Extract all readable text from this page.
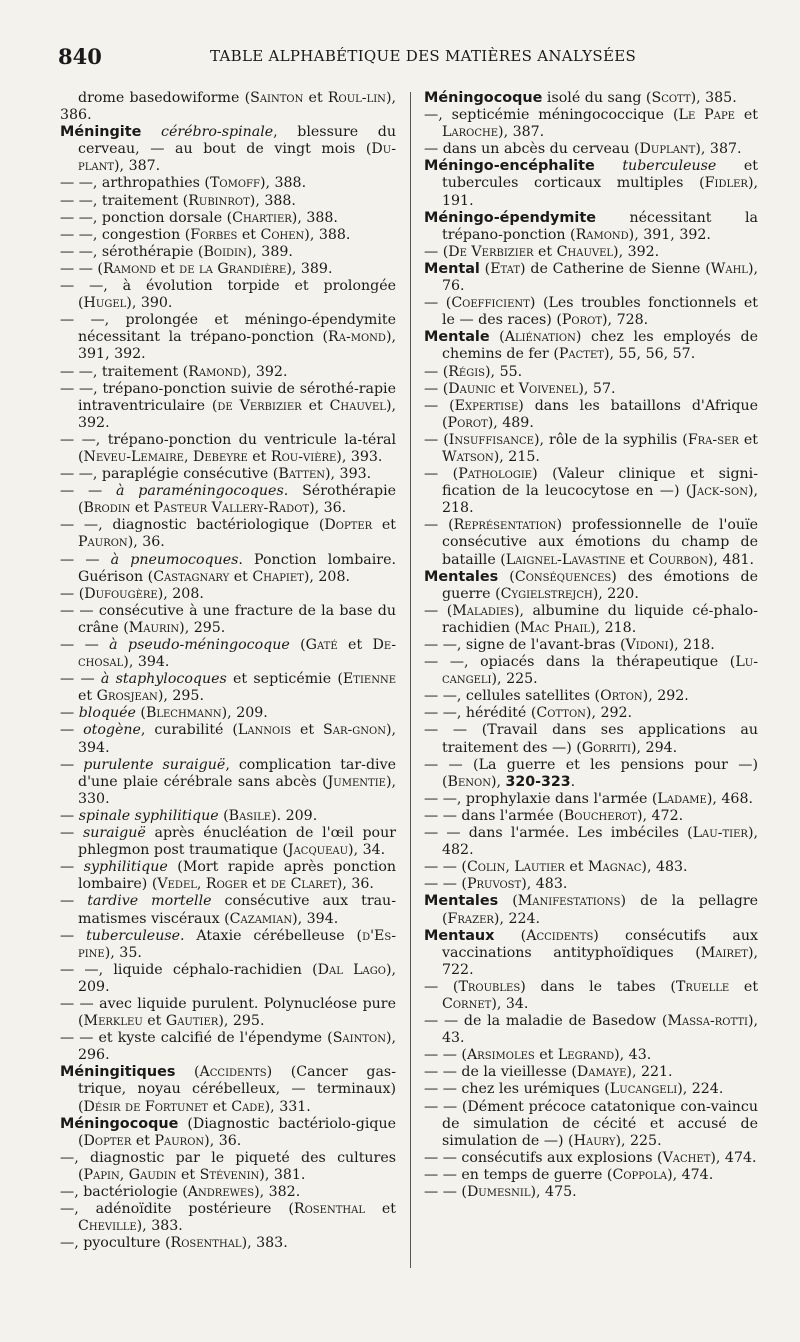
840	TABLE ALPHABÉTIQUE DES MATIÈRES ANALYSÉES

drome basedowiforme (Sainton et Roul-lin), 386.

Méningite cérébro-spinale, blessure du cerveau, — au bout de vingt mois (Du-plant), 387.

— —, arthropathies (Tomoff), 388.

— —, traitement (Rubinrot), 388.

— —, ponction dorsale (Chartier), 388.

— —, congestion (Forbes et Cohen), 388.

— —, sérothérapie (Boidin), 389.

— — (Ramond et de la Grandière), 389.

— —, à évolution torpide et prolongée (Hugel), 390.

— —, prolongée et méningo-épendymite nécessitant la trépano-ponction (Ra-mond), 391, 392.

— —, traitement (Ramond), 392.

— —, trépano-ponction suivie de sérothé-rapie intraventriculaire (de Verbizier et Chauvel), 392.

— —, trépano-ponction du ventricule la-téral (Neveu-Lemaire, Debeyre et Rou-vière), 393.

— —, paraplégie consécutive (Batten), 393.

— — à paraméningocoques. Sérothérapie (Brodin et Pasteur Vallery-Radot), 36.

— —, diagnostic bactériologique (Dopter et Pauron), 36.

— — à pneumocoques. Ponction lombaire. Guérison (Castagnary et Chapiet), 208.

— (Dufougère), 208.

— — consécutive à une fracture de la base du crâne (Maurin), 295.

— — à pseudo-méningocoque (Gaté et De-chosal), 394.

— — à staphylocoques et septicémie (Etienne et Grosjean), 295.

— bloquée (Blechmann), 209.

— otogène, curabilité (Lannois et Sar-gnon), 394.

— purulente suraiguë, complication tar-dive d'une plaie cérébrale sans abcès (Jumentie), 330.

— spinale syphilitique (Basile). 209.

— suraiguë après énucléation de l'œil pour phlegmon post traumatique (Jacqueau), 34.

— syphilitique (Mort rapide après ponction lombaire) (Vedel, Roger et de Claret), 36.

— tardive mortelle consécutive aux trau-matismes viscéraux (Cazamian), 394.

— tuberculeuse. Ataxie cérébelleuse (d'Es-pine), 35.

— —, liquide céphalo-rachidien (Dal Lago), 209.

— — avec liquide purulent. Polynucléose pure (Merkleu et Gautier), 295.

— — et kyste calcifié de l'épendyme (Sainton), 296.

Méningitiques (Accidents) (Cancer gas-trique, noyau cérébelleux, — terminaux) (Désir de Fortunet et Cade), 331.

Méningocoque (Diagnostic bactériolo-gique (Dopter et Pauron), 36.

—, diagnostic par le piqueté des cultures (Papin, Gaudin et Stévenin), 381.

—, bactériologie (Andrewes), 382.

—, adénoïdite postérieure (Rosenthal et Cheville), 383.

—, pyoculture (Rosenthal), 383.

Méningocoque isolé du sang (Scott), 385.

—, septicémie méningococcique (Le Pape et Laroche), 387.

— dans un abcès du cerveau (Duplant), 387.

Méningo-encéphalite tuberculeuse et tubercules corticaux multiples (Fidler), 191.

Méningo-épendymite nécessitant la trépano-ponction (Ramond), 391, 392.

— (De Verbizier et Chauvel), 392.

Mental (Etat) de Catherine de Sienne (Wahl), 76.

— (Coefficient) (Les troubles fonctionnels et le — des races) (Porot), 728.

Mentale (Aliénation) chez les employés de chemins de fer (Pactet), 55, 56, 57.

— (Régis), 55.

— (Daunic et Voivenel), 57.

— (Expertise) dans les bataillons d'Afrique (Porot), 489.

— (Insuffisance), rôle de la syphilis (Fra-ser et Watson), 215.

— (Pathologie) (Valeur clinique et signi-fication de la leucocytose en —) (Jack-son), 218.

— (Représentation) professionnelle de l'ouïe consécutive aux émotions du champ de bataille (Laignel-Lavastine et Courbon), 481.

Mentales (Conséquences) des émotions de guerre (Cygielstrejch), 220.

— (Maladies), albumine du liquide cé-phalo-rachidien (Mac Phail), 218.

— —, signe de l'avant-bras (Vidoni), 218.

— —, opiacés dans la thérapeutique (Lu-cangeli), 225.

— —, cellules satellites (Orton), 292.

— —, hérédité (Cotton), 292.

— — (Travail dans ses applications au traitement des —) (Gorriti), 294.

— — (La guerre et les pensions pour —) (Benon), 320-323.

— —, prophylaxie dans l'armée (Ladame), 468.

— — dans l'armée (Boucherot), 472.

— — dans l'armée. Les imbéciles (Lau-tier), 482.

— — (Colin, Lautier et Magnac), 483.

— — (Pruvost), 483.

Mentales (Manifestations) de la pellagre (Frazer), 224.

Mentaux (Accidents) consécutifs aux vaccinations antityphoïdiques (Mairet), 722.

— (Troubles) dans le tabes (Truelle et Cornet), 34.

— — de la maladie de Basedow (Massa-rotti), 43.

— — (Arsimoles et Legrand), 43.

— — de la vieillesse (Damaye), 221.

— — chez les urémiques (Lucangeli), 224.

— — (Dément précoce catatonique con-vaincu de simulation de cécité et accusé de simulation de —) (Haury), 225.

— — consécutifs aux explosions (Vachet), 474.

— — en temps de guerre (Coppola), 474.

— — (Dumesnil), 475.
